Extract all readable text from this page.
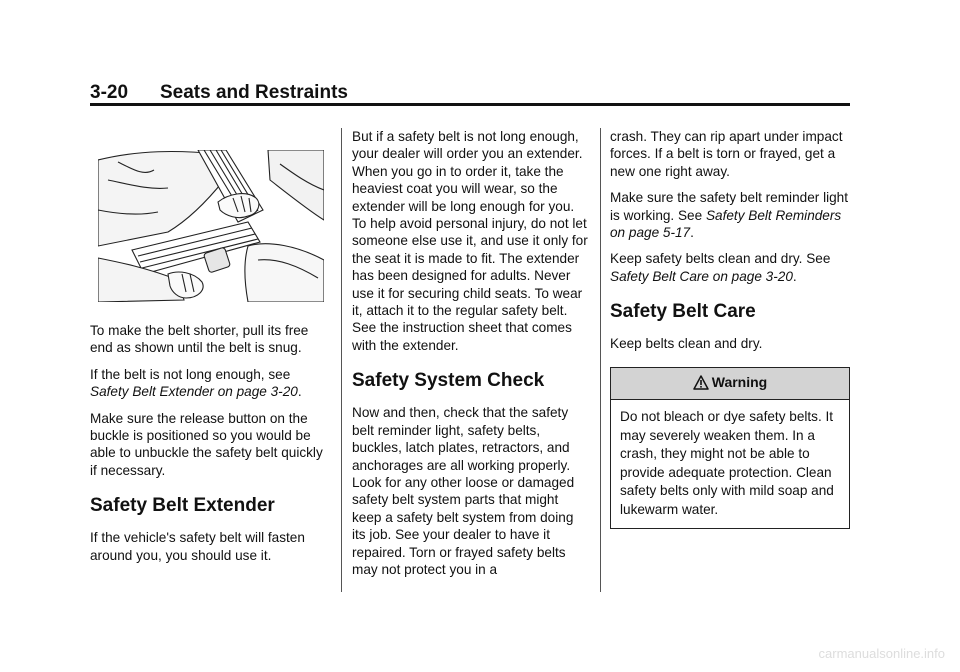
3-20 Seats and Restraints

To make the belt shorter, pull its free end as shown until the belt is snug.

If the belt is not long enough, see Safety Belt Extender on page 3-20.

Make sure the release button on the buckle is positioned so you would be able to unbuckle the safety belt quickly if necessary.

Safety Belt Extender

If the vehicle's safety belt will fasten around you, you should use it.

But if a safety belt is not long enough, your dealer will order you an extender. When you go in to order it, take the heaviest coat you will wear, so the extender will be long enough for you. To help avoid personal injury, do not let someone else use it, and use it only for the seat it is made to fit. The extender has been designed for adults. Never use it for securing child seats. To wear it, attach it to the regular safety belt. See the instruction sheet that comes with the extender.

Safety System Check

Now and then, check that the safety belt reminder light, safety belts, buckles, latch plates, retractors, and anchorages are all working properly. Look for any other loose or damaged safety belt system parts that might keep a safety belt system from doing its job. See your dealer to have it repaired. Torn or frayed safety belts may not protect you in a

crash. They can rip apart under impact forces. If a belt is torn or frayed, get a new one right away.

Make sure the safety belt reminder light is working. See Safety Belt Reminders on page 5-17.

Keep safety belts clean and dry. See Safety Belt Care on page 3-20.

Safety Belt Care

Keep belts clean and dry.

Warning
Do not bleach or dye safety belts. It may severely weaken them. In a crash, they might not be able to provide adequate protection. Clean safety belts only with mild soap and lukewarm water.
carmanualsonline.info
